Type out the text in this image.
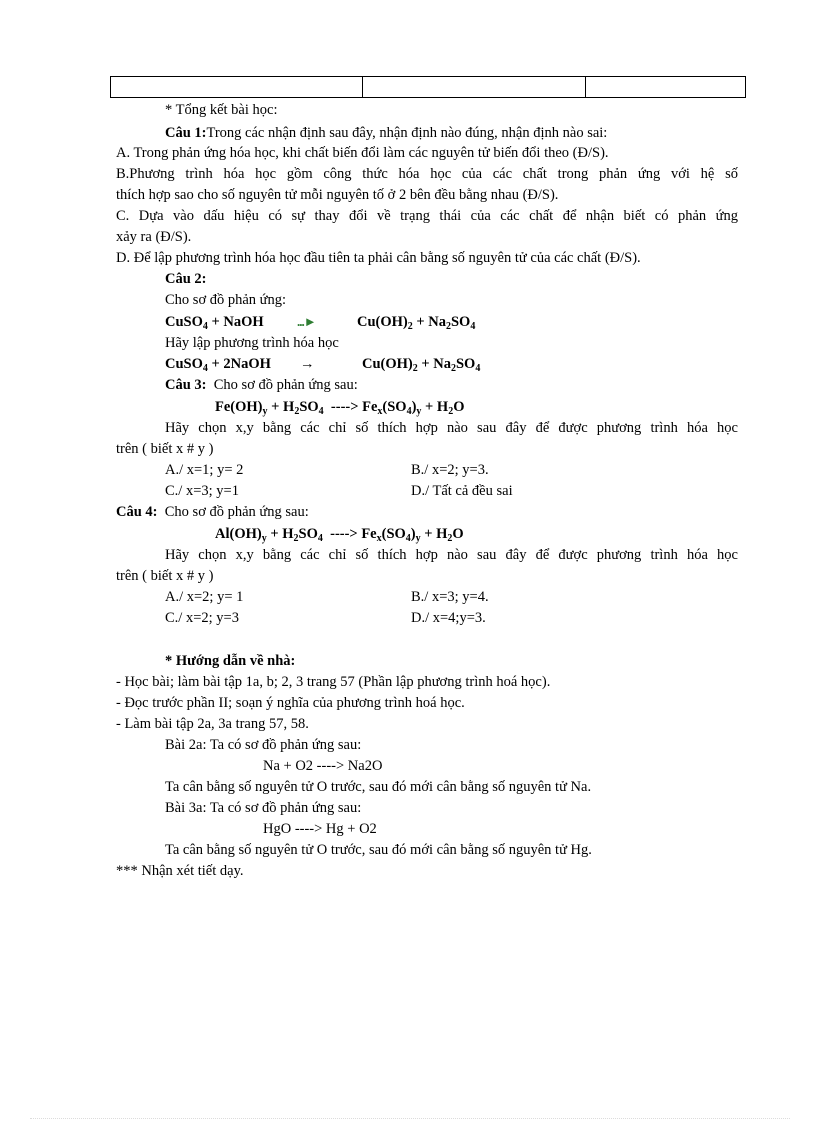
* Tổng kết bài học:
Câu 1:Trong các nhận định sau đây, nhận định nào đúng, nhận định nào sai:
A. Trong phản ứng hóa học, khi chất biến đổi làm các nguyên tử biến đổi theo (Đ/S).
B.Phương trình hóa học gồm công thức hóa học của các chất trong phản ứng với hệ số
thích hợp sao cho số nguyên tử mỗi nguyên tố ở 2 bên đều bằng nhau (Đ/S).
C. Dựa vào dấu hiệu có sự thay đổi về trạng thái của các chất để nhận biết có phản ứng
xảy ra (Đ/S).
D. Để lập phương trình hóa học đầu tiên ta phải cân bằng số nguyên tử của các chất (Đ/S).
Câu 2:
Cho sơ đồ phản ứng:
CuSO$_4$ + NaOH	...►	$Cu(OH)_2 + Na_2SO_4$
Hãy lập phương trình hóa học
CuSO$_4$ + 2NaOH →	$Cu(OH)_2 + Na_2SO_4$
Câu 3: Cho sơ đồ phản ứng sau:
$Fe(OH)_y + H_2SO_4$ ----> $Fe_x(SO_4)_y + H_2O$
Hãy chọn x,y bằng các chỉ số thích hợp nào sau đây để được phương trình hóa học
trên ( biết x # y )
A./ x=1; y= 2	B./ x=2; y=3.
C./ x=3; y=1	D./ Tất cả đều sai
Câu 4: Cho sơ đồ phản ứng sau:
$Al(OH)_y + H_2SO_4$ ----> $Fe_x(SO_4)_y + H_2O$
Hãy chọn x,y bằng các chỉ số thích hợp nào sau đây để được phương trình hóa học
trên ( biết x # y )
A./ x=2; y= 1	B./ x=3; y=4.
C./ x=2; y=3	D./ x=4;y=3.
* Hướng dẫn về nhà:
- Học bài; làm bài tập 1a, b; 2, 3 trang 57 (Phần lập phương trình hoá học).
- Đọc trước phần II; soạn ý nghĩa của phương trình hoá học.
- Làm bài tập 2a, 3a trang 57, 58.
Bài 2a: Ta có sơ đồ phản ứng sau:
Na + O2 ----> Na2O
Ta cân bằng số nguyên tử O trước, sau đó mới cân bằng số nguyên tử Na.
Bài 3a: Ta có sơ đồ phản ứng sau:
HgO ----> Hg + O2
Ta cân bằng số nguyên tử O trước, sau đó mới cân bằng số nguyên tử Hg.
*** Nhận xét tiết dạy.
